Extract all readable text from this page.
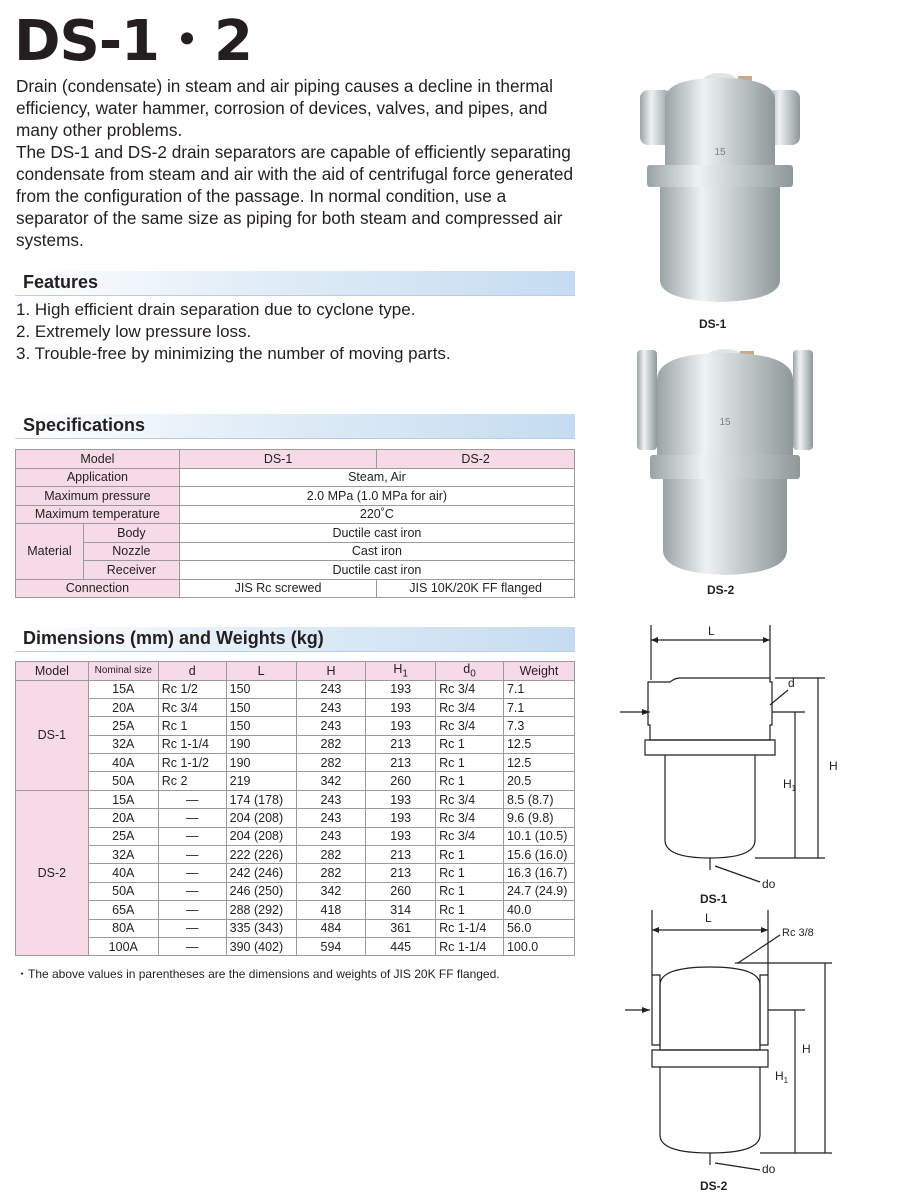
DS-1・2

Drain (condensate) in steam and air piping causes a decline in thermal efficiency, water hammer, corrosion of devices, valves, and pipes, and many other problems.

The DS-1 and DS-2 drain separators are capable of efficiently separating condensate from steam and air with the aid of centrifugal force generated from the configuration of the passage. In normal condition, use a separator of the same size as piping for both steam and compressed air systems.

Features
1. High efficient drain separation due to cyclone type.
2. Extremely low pressure loss.
3. Trouble-free by minimizing the number of moving parts.
Specifications
Model		DS-1	DS-2
Application		Steam, Air	
Maximum pressure		2.0 MPa (1.0 MPa for air)	
Maximum temperature		220˚C	
Material	Body	Ductile cast iron	
	Nozzle	Cast iron	
	Receiver	Ductile cast iron	
Connection		JIS Rc screwed	JIS 10K/20K FF flanged
Dimensions (mm) and Weights (kg)
Model	Nominal size	d	L	H	$H_1$	$d_0$	Weight
DS-1	15A	Rc 1/2	150	243	193	Rc 3/4	7.1
	20A	Rc 3/4	150	243	193	Rc 3/4	7.1
	25A	Rc 1	150	243	193	Rc 3/4	7.3
	32A	Rc 1-1/4	190	282	213	Rc 1	12.5
	40A	Rc 1-1/2	190	282	213	Rc 1	12.5
	50A	Rc 2	219	342	260	Rc 1	20.5
DS-2	15A	—	174 (178)	243	193	Rc 3/4	8.5 (8.7)
	20A	—	204 (208)	243	193	Rc 3/4	9.6 (9.8)
	25A	—	204 (208)	243	193	Rc 3/4	10.1 (10.5)
	32A	—	222 (226)	282	213	Rc 1	15.6 (16.0)
	40A	—	242 (246)	282	213	Rc 1	16.3 (16.7)
	50A	—	246 (250)	342	260	Rc 1	24.7 (24.9)
	65A	—	288 (292)	418	314	Rc 1	40.0
	80A	—	335 (343)	484	361	Rc 1-1/4	56.0
	100A	—	390 (402)	594	445	Rc 1-1/4	100.0
・The above values in parentheses are the dimensions and weights of JIS 20K FF flanged.
15
DS-1
15
DS-2
L
d
H
$H_1$
do
DS-1
L
Rc 3/8
H
$H_1$
do
DS-2
